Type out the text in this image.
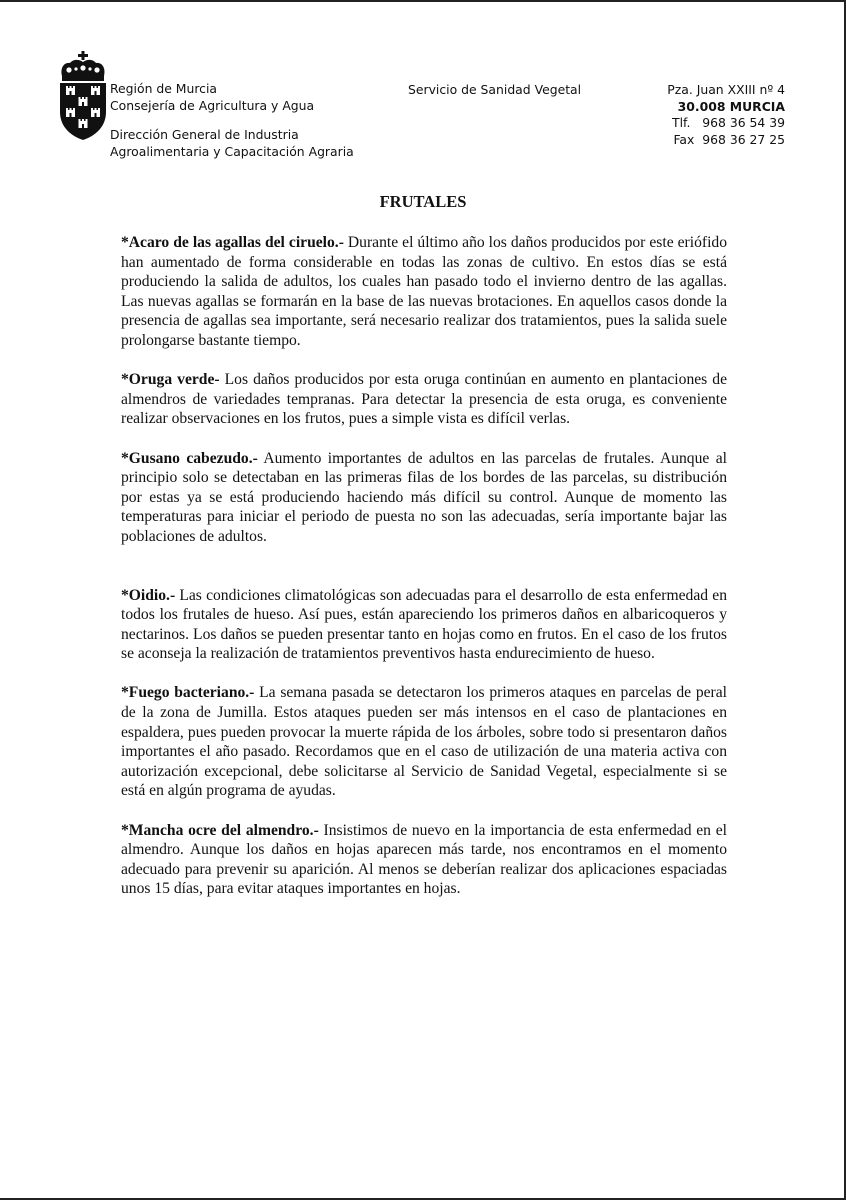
Región de Murcia
Consejería de Agricultura y Agua
Dirección General de Industria
Agroalimentaria y Capacitación Agraria
Servicio de Sanidad Vegetal	Pza. Juan XXIII nº 4
30.008 MURCIA
Tlf.   968 36 54 39
Fax  968 36 27 25
FRUTALES

*Acaro de las agallas del ciruelo.- Durante el último año los daños producidos por este eriófido han aumentado de forma considerable en todas las zonas de cultivo. En estos días se está produciendo la salida de adultos, los cuales han pasado todo el invierno dentro de las agallas. Las nuevas agallas se formarán en la base de las nuevas brotaciones. En aquellos casos donde la presencia de agallas sea importante, será necesario realizar dos tratamientos, pues la salida suele prolongarse bastante tiempo.

*Oruga verde- Los daños producidos por esta oruga continúan en aumento en plantaciones de almendros de variedades tempranas. Para detectar la presencia de esta oruga, es conveniente realizar observaciones en los frutos, pues a simple vista es difícil verlas.

*Gusano cabezudo.- Aumento importantes de adultos en las parcelas de frutales. Aunque al principio solo se detectaban en las primeras filas de los bordes de las parcelas, su distribución por estas ya se está produciendo haciendo más difícil su control. Aunque de momento las temperaturas para iniciar el periodo de puesta no son las adecuadas, sería importante bajar las poblaciones de adultos.

*Oidio.- Las condiciones climatológicas son adecuadas para el desarrollo de esta enfermedad en todos los frutales de hueso. Así pues, están apareciendo los primeros daños en albaricoqueros y nectarinos. Los daños se pueden presentar tanto en hojas como en frutos. En el caso de los frutos se aconseja la realización de tratamientos preventivos hasta endurecimiento de hueso.

*Fuego bacteriano.- La semana pasada se detectaron los primeros ataques en parcelas de peral de la zona de Jumilla. Estos ataques pueden ser más intensos en el caso de plantaciones en espaldera, pues pueden provocar la muerte rápida de los árboles, sobre todo si presentaron daños importantes el año pasado. Recordamos que en el caso de utilización de una materia activa con autorización excepcional, debe solicitarse al Servicio de Sanidad Vegetal, especialmente si se está en algún programa de ayudas.

*Mancha ocre del almendro.- Insistimos de nuevo en la importancia de esta enfermedad en el almendro. Aunque los daños en hojas aparecen más tarde, nos encontramos en el momento adecuado para prevenir su aparición. Al menos se deberían realizar dos aplicaciones espaciadas unos 15 días, para evitar ataques importantes en hojas.
